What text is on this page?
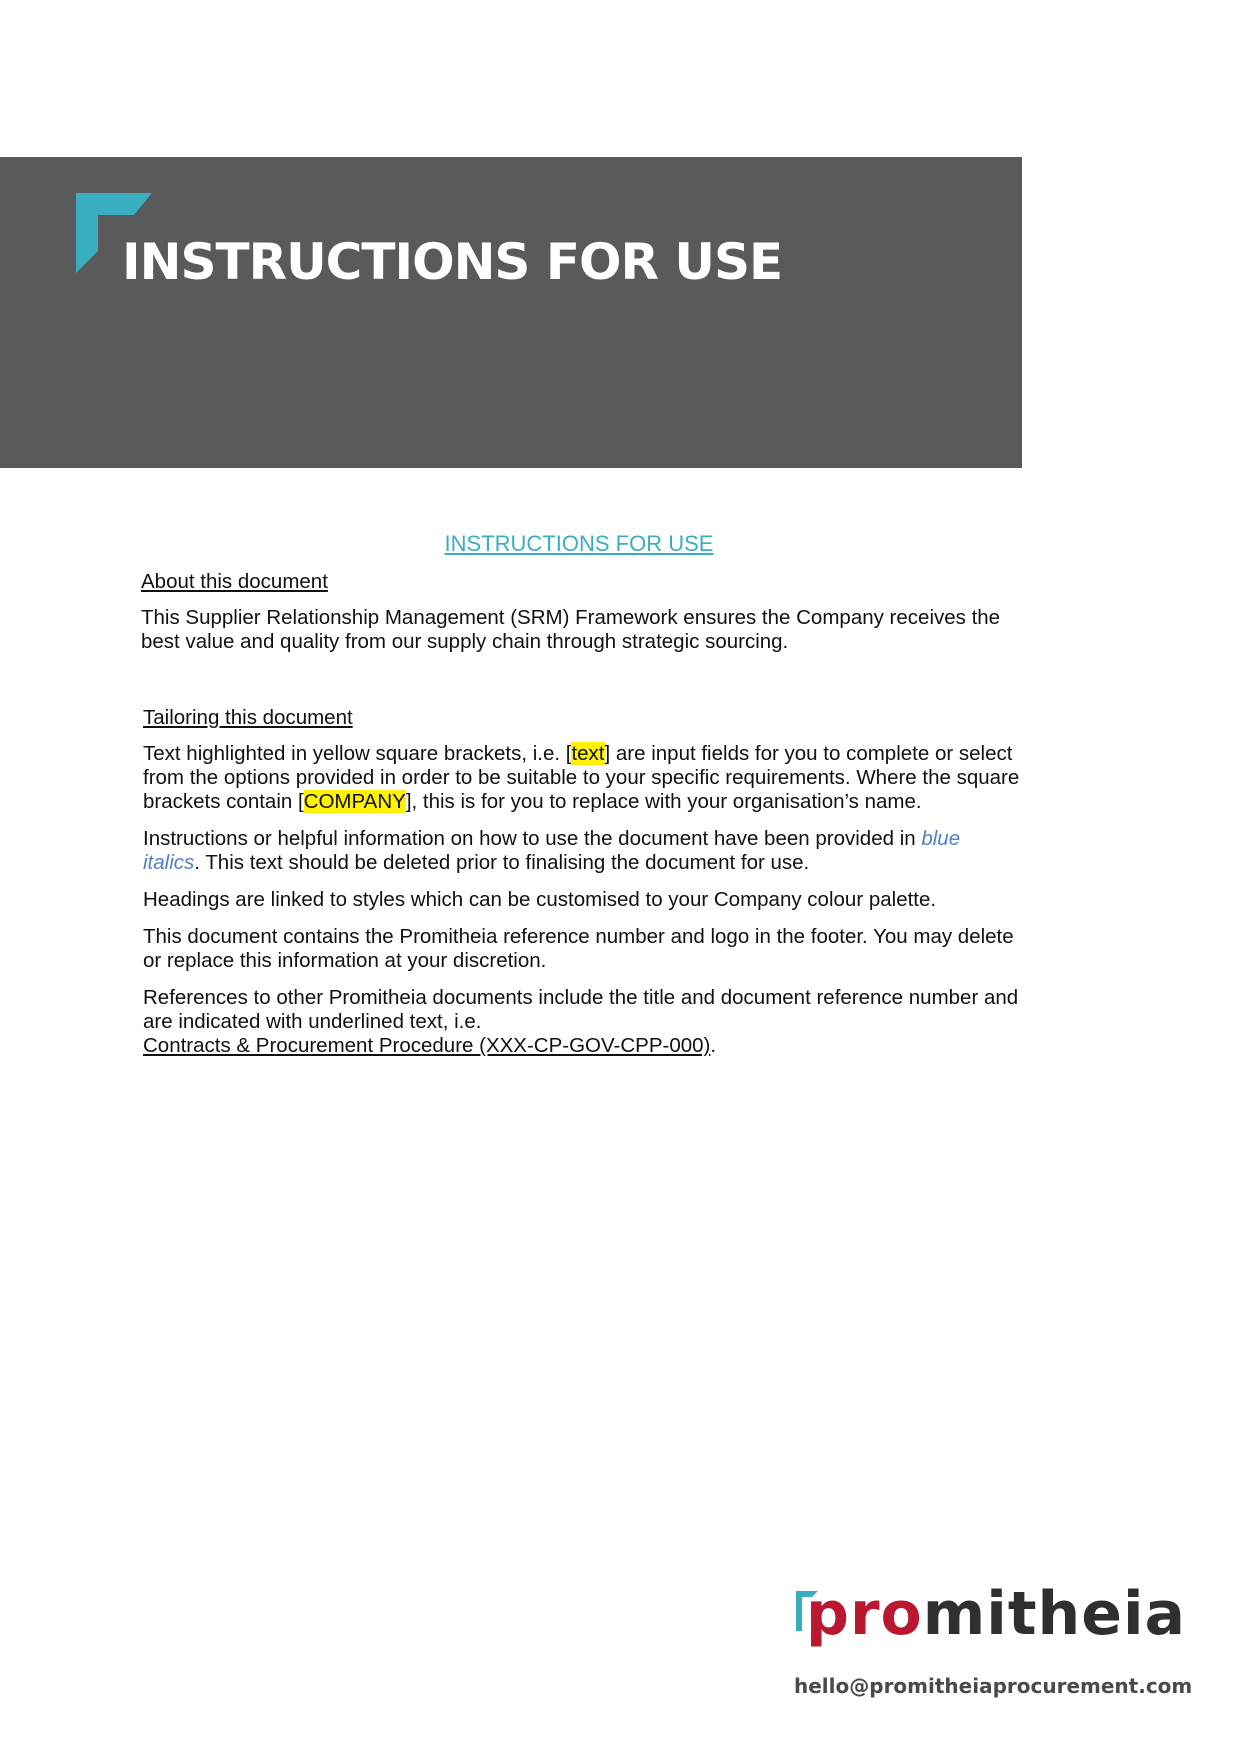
INSTRUCTIONS FOR USE
INSTRUCTIONS FOR USE
About this document
This Supplier Relationship Management (SRM) Framework ensures the Company receives the best value and quality from our supply chain through strategic sourcing.
Tailoring this document
Text highlighted in yellow square brackets, i.e. [text] are input fields for you to complete or select from the options provided in order to be suitable to your specific requirements. Where the square brackets contain [COMPANY], this is for you to replace with your organisation’s name.
Instructions or helpful information on how to use the document have been provided in blue italics. This text should be deleted prior to finalising the document for use.
Headings are linked to styles which can be customised to your Company colour palette.
This document contains the Promitheia reference number and logo in the footer. You may delete or replace this information at your discretion.
References to other Promitheia documents include the title and document reference number and are indicated with underlined text, i.e.
Contracts & Procurement Procedure (XXX-CP-GOV-CPP-000).
promitheia
hello@promitheiaprocurement.com
